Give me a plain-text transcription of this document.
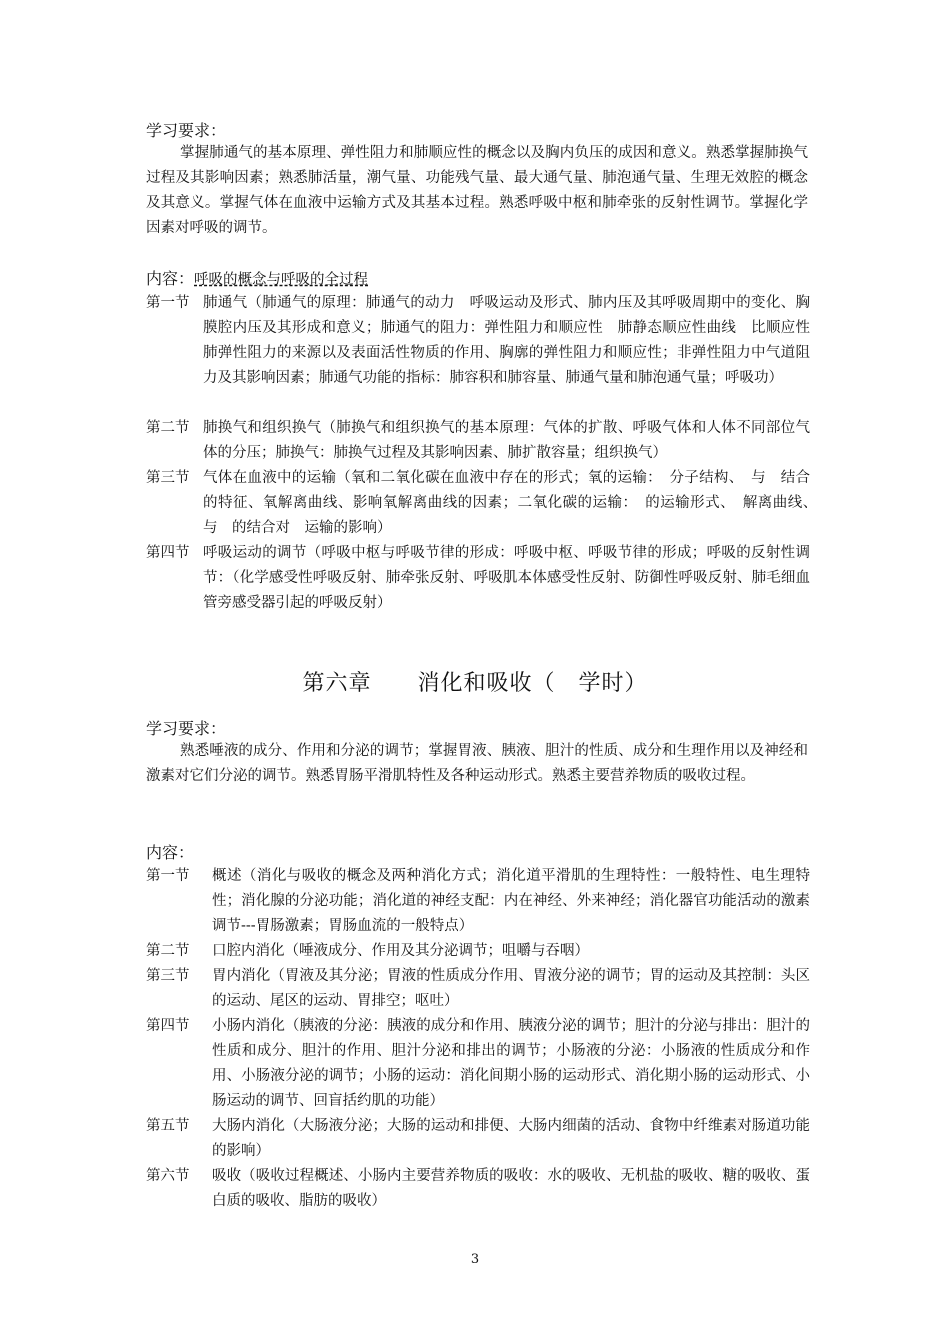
学习要求：
掌握肺通气的基本原理、弹性阻力和肺顺应性的概念以及胸内负压的成因和意义。熟悉掌握肺换气过程及其影响因素；熟悉肺活量，潮气量、功能残气量、最大通气量、肺泡通气量、生理无效腔的概念及其意义。掌握气体在血液中运输方式及其基本过程。熟悉呼吸中枢和肺牵张的反射性调节。掌握化学因素对呼吸的调节。
内容：呼吸的概念与呼吸的全过程
第一节 肺通气（肺通气的原理：肺通气的动力　呼吸运动及形式、肺内压及其呼吸周期中的变化、胸膜腔内压及其形成和意义；肺通气的阻力：弹性阻力和顺应性　肺静态顺应性曲线　比顺应性　肺弹性阻力的来源以及表面活性物质的作用、胸廓的弹性阻力和顺应性；非弹性阻力中气道阻力及其影响因素；肺通气功能的指标：肺容积和肺容量、肺通气量和肺泡通气量；呼吸功）
第二节 肺换气和组织换气（肺换气和组织换气的基本原理：气体的扩散、呼吸气体和人体不同部位气体的分压；肺换气：肺换气过程及其影响因素、肺扩散容量；组织换气）
第三节 气体在血液中的运输（氧和二氧化碳在血液中存在的形式；氧的运输：　分子结构、　与　结合的特征、氧解离曲线、影响氧解离曲线的因素；二氧化碳的运输：　的运输形式、　解离曲线、　与　的结合对　运输的影响）
第四节 呼吸运动的调节（呼吸中枢与呼吸节律的形成：呼吸中枢、呼吸节律的形成；呼吸的反射性调节：（化学感受性呼吸反射、肺牵张反射、呼吸肌本体感受性反射、防御性呼吸反射、肺毛细血管旁感受器引起的呼吸反射）
第六章　　消化和吸收（　学时）
学习要求：
熟悉唾液的成分、作用和分泌的调节；掌握胃液、胰液、胆汁的性质、成分和生理作用以及神经和激素对它们分泌的调节。熟悉胃肠平滑肌特性及各种运动形式。熟悉主要营养物质的吸收过程。
内容：
第一节 概述（消化与吸收的概念及两种消化方式；消化道平滑肌的生理特性：一般特性、电生理特性；消化腺的分泌功能；消化道的神经支配：内在神经、外来神经；消化器官功能活动的激素调节---胃肠激素；胃肠血流的一般特点）
第二节 口腔内消化（唾液成分、作用及其分泌调节；咀嚼与吞咽）
第三节 胃内消化（胃液及其分泌；胃液的性质成分作用、胃液分泌的调节；胃的运动及其控制：头区的运动、尾区的运动、胃排空；呕吐）
第四节 小肠内消化（胰液的分泌：胰液的成分和作用、胰液分泌的调节；胆汁的分泌与排出：胆汁的性质和成分、胆汁的作用、胆汁分泌和排出的调节；小肠液的分泌：小肠液的性质成分和作用、小肠液分泌的调节；小肠的运动：消化间期小肠的运动形式、消化期小肠的运动形式、小肠运动的调节、回盲括约肌的功能）
第五节 大肠内消化（大肠液分泌；大肠的运动和排便、大肠内细菌的活动、食物中纤维素对肠道功能的影响）
第六节 吸收（吸收过程概述、小肠内主要营养物质的吸收：水的吸收、无机盐的吸收、糖的吸收、蛋白质的吸收、脂肪的吸收）
3
